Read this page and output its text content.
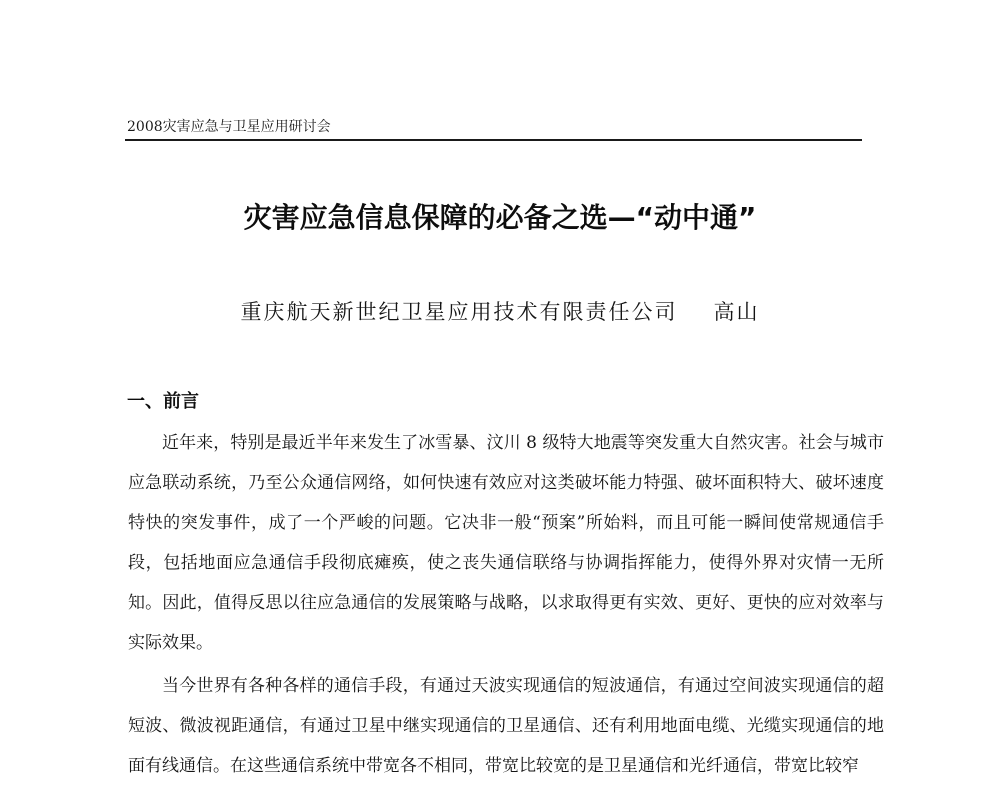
2008灾害应急与卫星应用研讨会
灾害应急信息保障的必备之选—“动中通”
重庆航天新世纪卫星应用技术有限责任公司 高山
一、前言

近年来，特别是最近半年来发生了冰雪暴、汶川 8 级特大地震等突发重大自然灾害。社会与城市应急联动系统，乃至公众通信网络，如何快速有效应对这类破坏能力特强、破坏面积特大、破坏速度特快的突发事件，成了一个严峻的问题。它决非一般“预案”所始料，而且可能一瞬间使常规通信手段，包括地面应急通信手段彻底瘫痪，使之丧失通信联络与协调指挥能力，使得外界对灾情一无所知。因此，值得反思以往应急通信的发展策略与战略，以求取得更有实效、更好、更快的应对效率与实际效果。

当今世界有各种各样的通信手段，有通过天波实现通信的短波通信，有通过空间波实现通信的超短波、微波视距通信，有通过卫星中继实现通信的卫星通信、还有利用地面电缆、光缆实现通信的地面有线通信。在这些通信系统中带宽各不相同，带宽比较宽的是卫星通信和光纤通信，带宽比较窄
